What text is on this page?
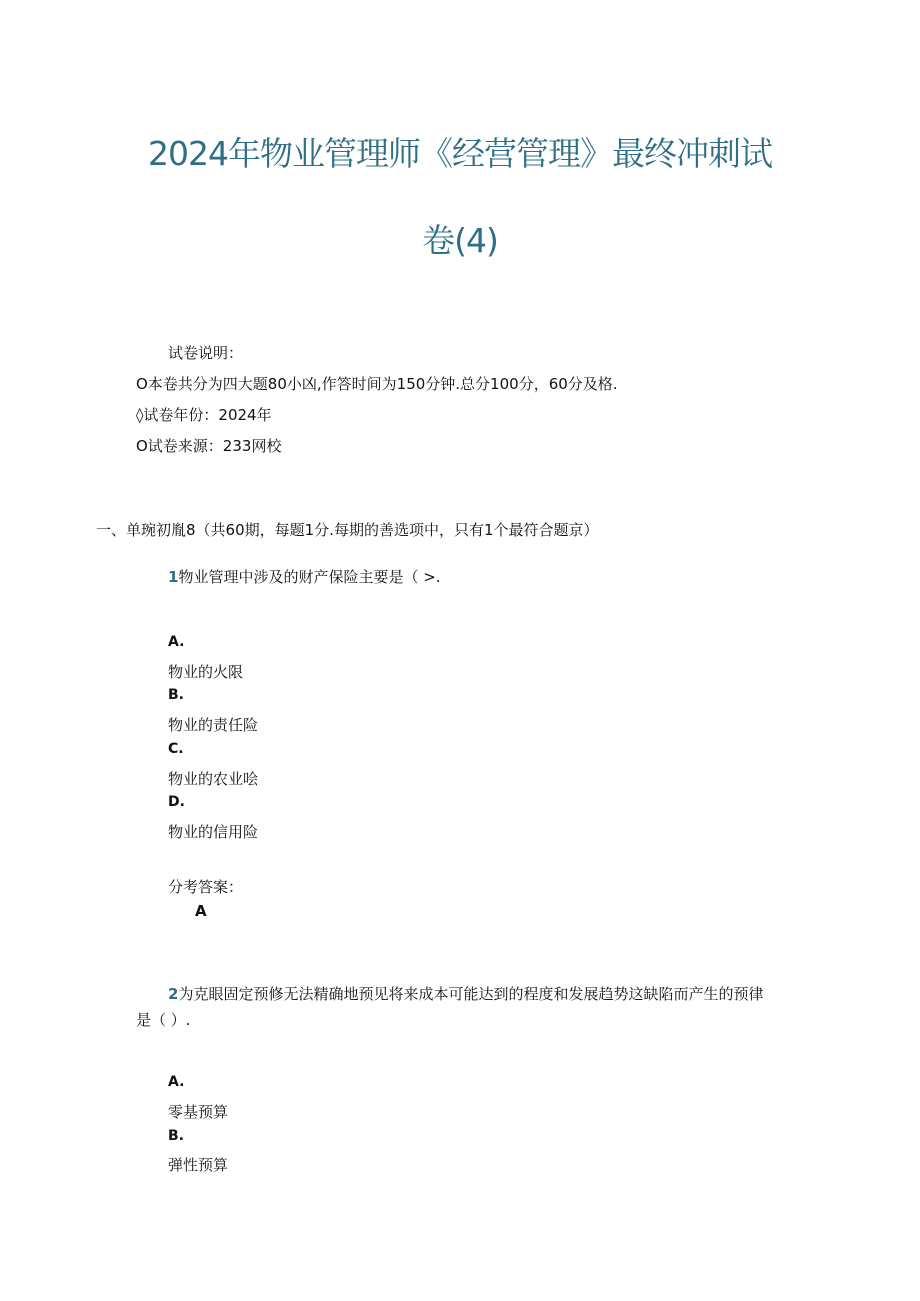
2024年物业管理师《经营管理》最终冲刺试
卷(4)
试卷说明：
O本卷共分为四大题80小凶,作答时间为150分钟.总分100分，60分及格.
◊试卷年份：2024年
O试卷来源：233网校
一、单琬初胤8（共60期，每题1分.每期的善选项中，只有1个最符合题京）
1物业管理中涉及的财产保险主要是（ >.
A.
物业的火限
B.
物业的责任险
C.
物业的农业哙
D.
物业的信用险
分考答案：
A
2为克眼固定预修无法精确地预见将来成本可能达到的程度和发展趋势这缺陷而产生的预律
是（ ）.
A.
零基预算
B.
弹性预算
